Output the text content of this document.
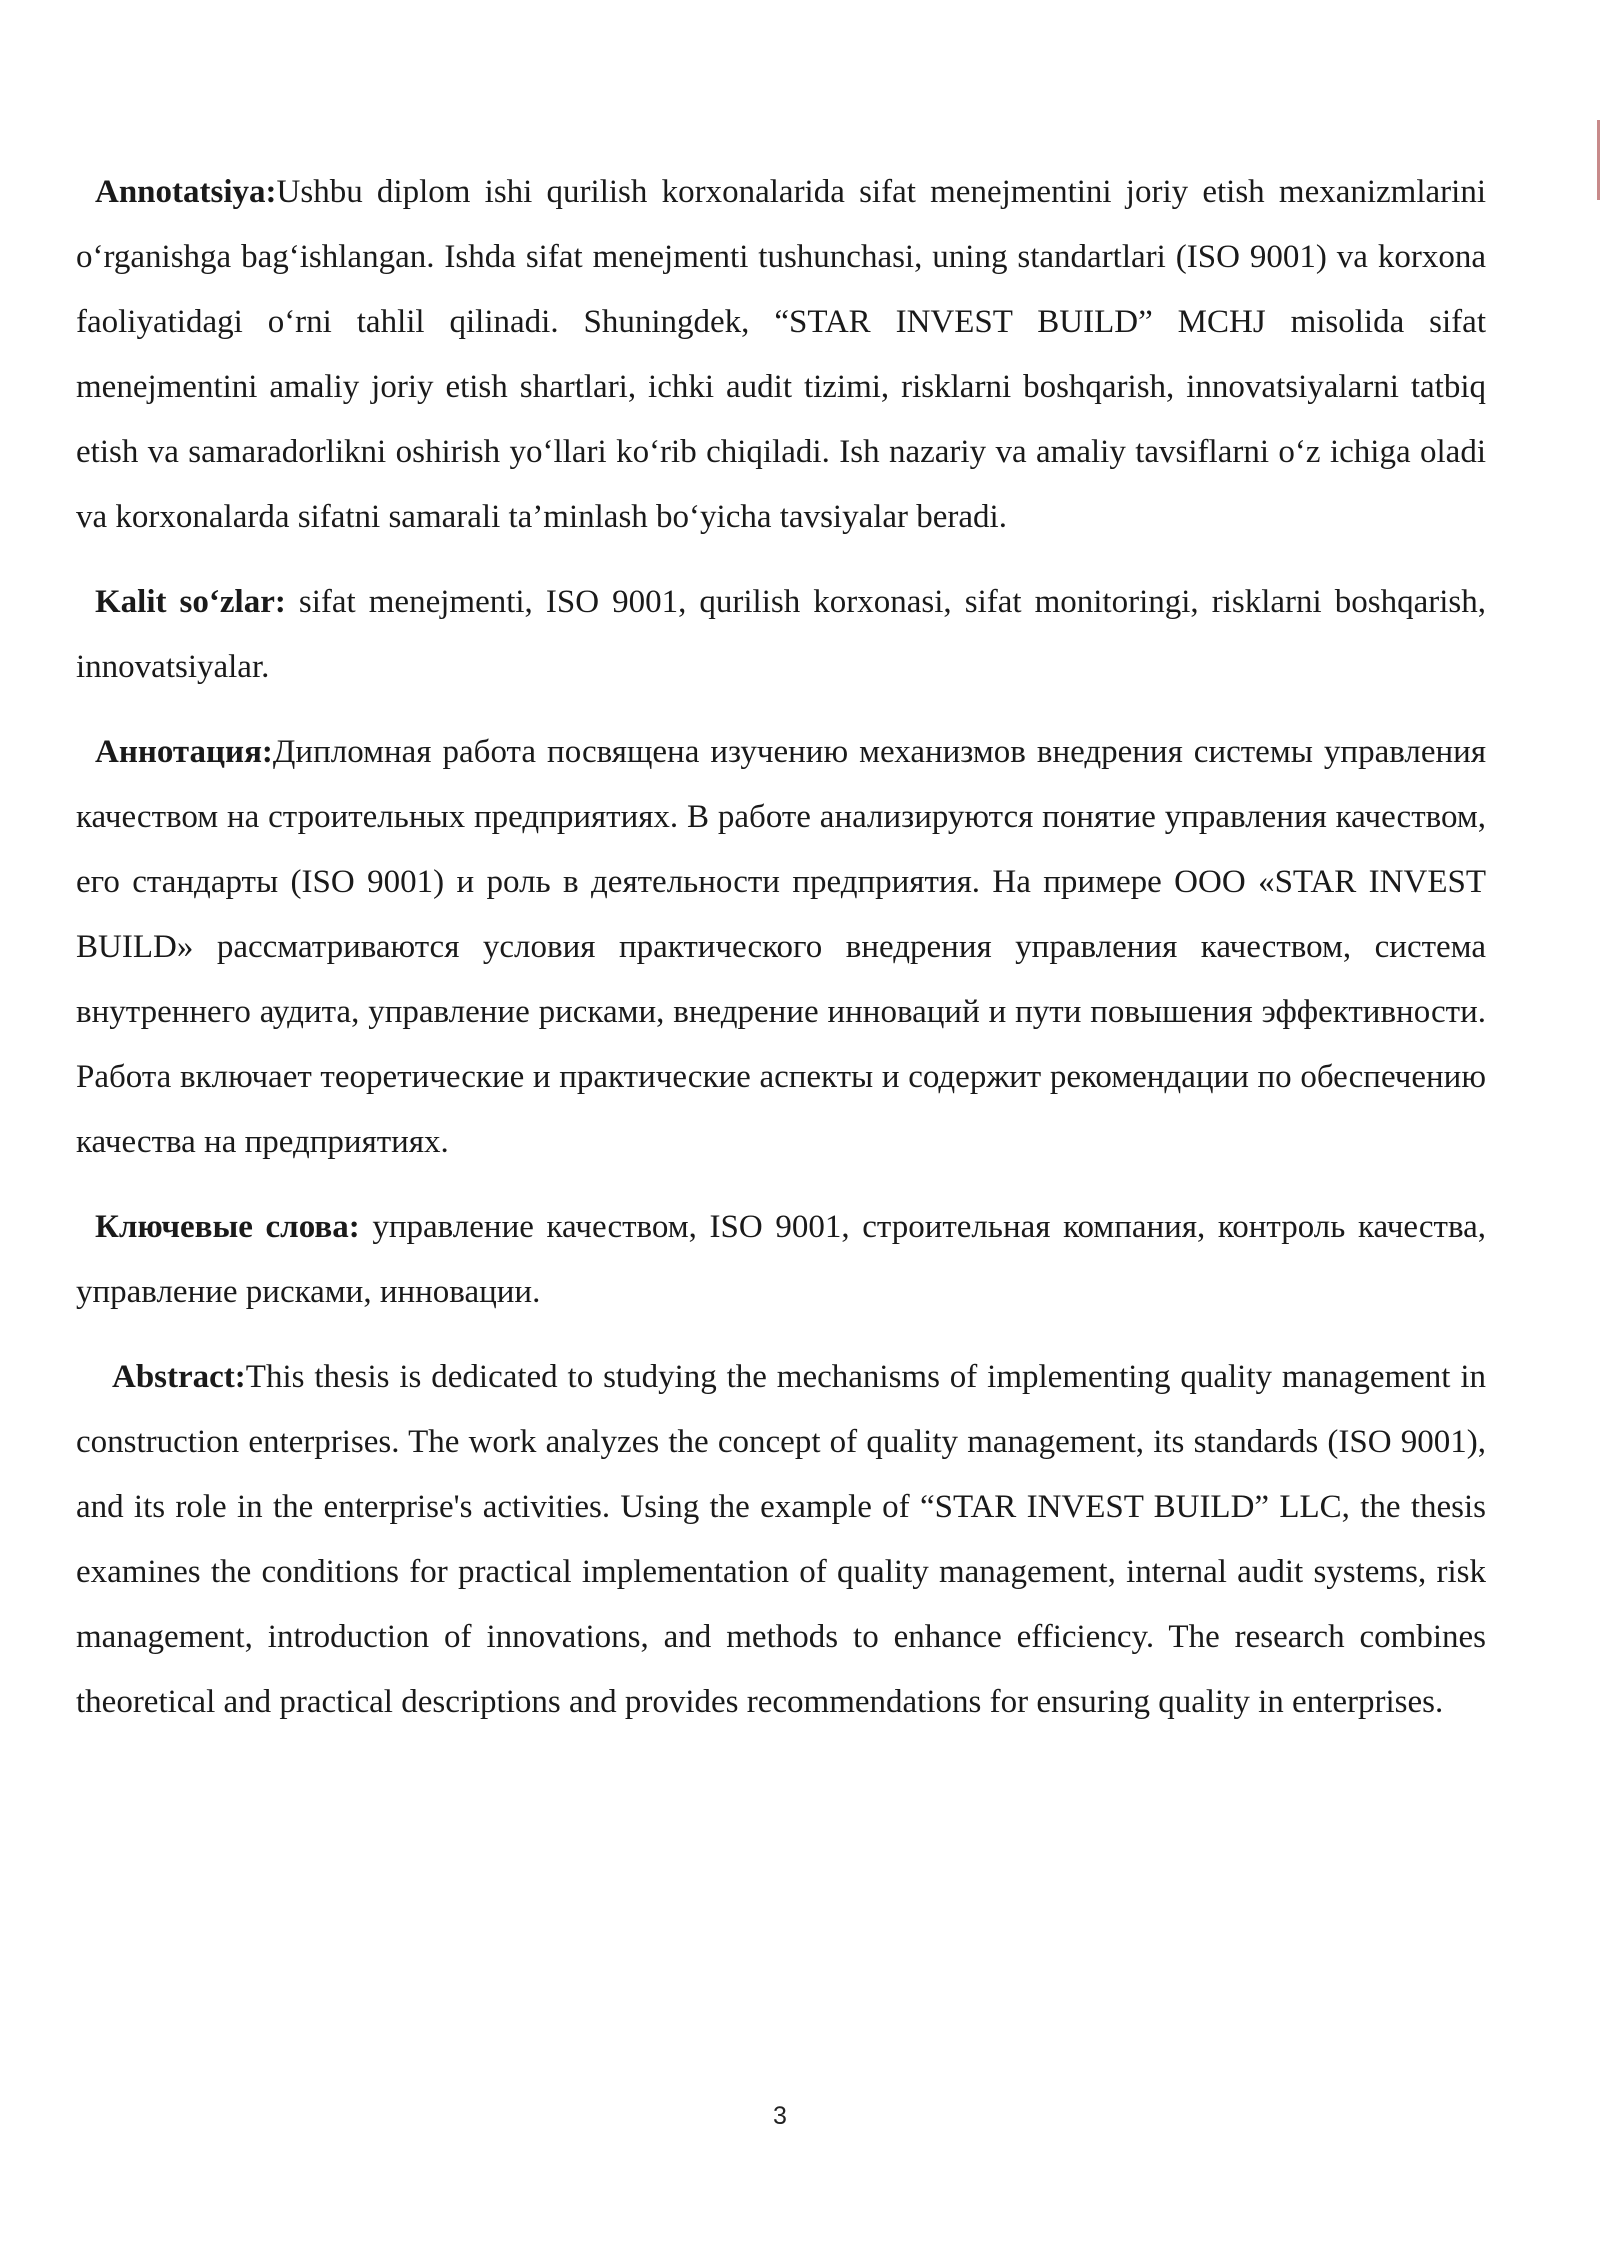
Annotatsiya:Ushbu diplom ishi qurilish korxonalarida sifat menejmentini joriy etish mexanizmlarini o‘rganishga bag‘ishlangan. Ishda sifat menejmenti tushunchasi, uning standartlari (ISO 9001) va korxona faoliyatidagi o‘rni tahlil qilinadi. Shuningdek, “STAR INVEST BUILD” MCHJ misolida sifat menejmentini amaliy joriy etish shartlari, ichki audit tizimi, risklarni boshqarish, innovatsiyalarni tatbiq etish va samaradorlikni oshirish yo‘llari ko‘rib chiqiladi. Ish nazariy va amaliy tavsiflarni o‘z ichiga oladi va korxonalarda sifatni samarali ta’minlash bo‘yicha tavsiyalar beradi.

Kalit so‘zlar: sifat menejmenti, ISO 9001, qurilish korxonasi, sifat monitoringi, risklarni boshqarish, innovatsiyalar.

Аннотация:Дипломная работа посвящена изучению механизмов внедрения системы управления качеством на строительных предприятиях. В работе анализируются понятие управления качеством, его стандарты (ISO 9001) и роль в деятельности предприятия. На примере ООО «STAR INVEST BUILD» рассматриваются условия практического внедрения управления качеством, система внутреннего аудита, управление рисками, внедрение инноваций и пути повышения эффективности. Работа включает теоретические и практические аспекты и содержит рекомендации по обеспечению качества на предприятиях.

Ключевые слова: управление качеством, ISO 9001, строительная компания, контроль качества, управление рисками, инновации.

Abstract:This thesis is dedicated to studying the mechanisms of implementing quality management in construction enterprises. The work analyzes the concept of quality management, its standards (ISO 9001), and its role in the enterprise's activities. Using the example of “STAR INVEST BUILD” LLC, the thesis examines the conditions for practical implementation of quality management, internal audit systems, risk management, introduction of innovations, and methods to enhance efficiency. The research combines theoretical and practical descriptions and provides recommendations for ensuring quality in enterprises.

3
